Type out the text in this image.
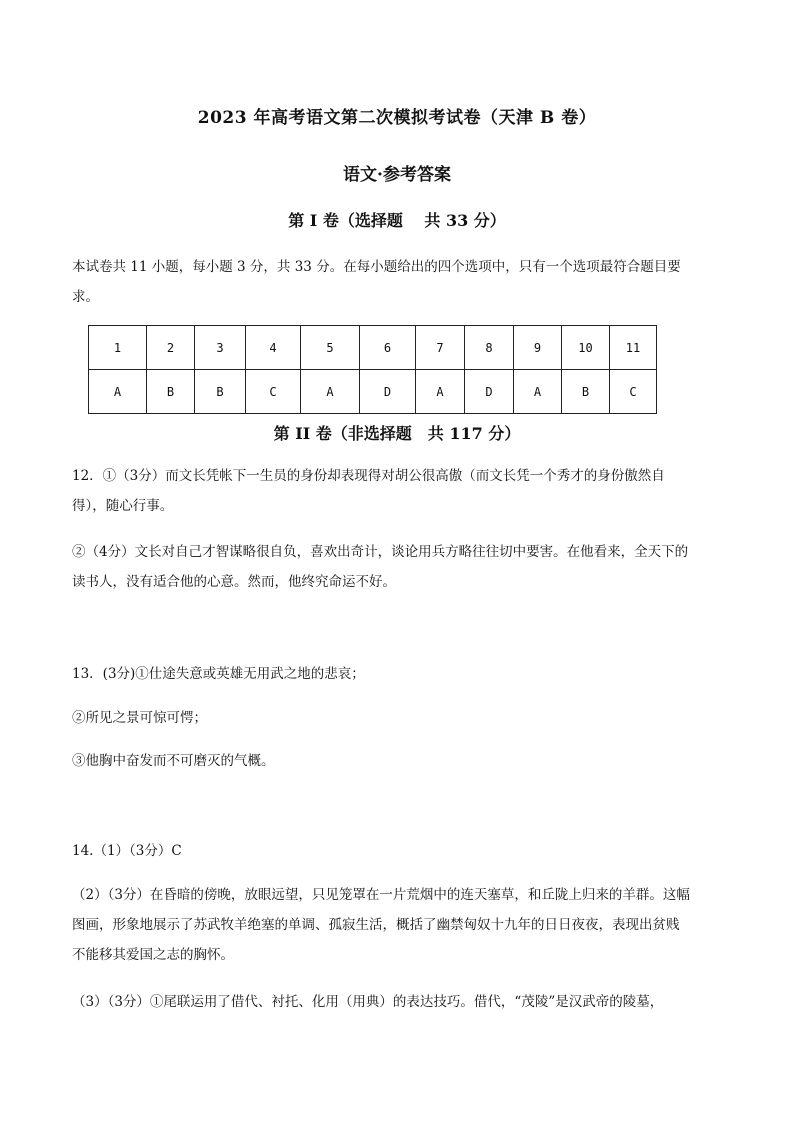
2023 年高考语文第二次模拟考试卷（天津 B 卷）
语文·参考答案
第 I 卷（选择题　 共 33 分）
本试卷共 11 小题，每小题 3 分，共 33 分。在每小题给出的四个选项中，只有一个选项最符合题目要求。
1	2	3	4	5	6	7	8	9	10	11
A	B	B	C	A	D	A	D	A	B	C
第 II 卷（非选择题　共 117 分）
12．①（3分）而文长凭帐下一生员的身份却表现得对胡公很高傲（而文长凭一个秀才的身份傲然自得），随心行事。
②（4分）文长对自己才智谋略很自负，喜欢出奇计，谈论用兵方略往往切中要害。在他看来，全天下的读书人，没有适合他的心意。然而，他终究命运不好。
13．(3分)①仕途失意或英雄无用武之地的悲哀；
②所见之景可惊可愕；
③他胸中奋发而不可磨灭的气概。
14.（1）（3分）C
（2）（3分）在昏暗的傍晚，放眼远望，只见笼罩在一片荒烟中的连天塞草，和丘陇上归来的羊群。这幅图画，形象地展示了苏武牧羊绝塞的单调、孤寂生活，概括了幽禁匈奴十九年的日日夜夜，表现出贫贱不能移其爱国之志的胸怀。
（3）（3分）①尾联运用了借代、衬托、化用（用典）的表达技巧。借代，“茂陵”是汉武帝的陵墓，
